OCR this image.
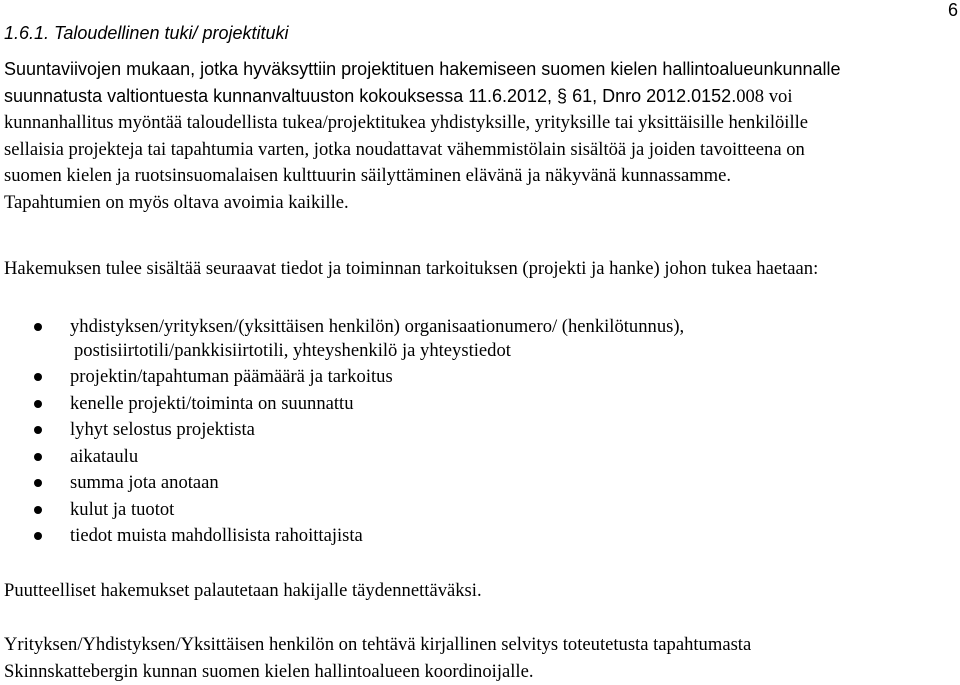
6
1.6.1. Taloudellinen tuki/ projektituki
Suuntaviivojen mukaan, jotka hyväksyttiin projektituen hakemiseen suomen kielen hallintoalueunkunnalle
suunnatusta valtiontuesta kunnanvaltuuston kokouksessa 11.6.2012, § 61, Dnro 2012.0152.008 voi
kunnanhallitus myöntää taloudellista tukea/projektitukea yhdistyksille, yrityksille tai yksittäisille henkilöille
sellaisia projekteja tai tapahtumia varten, jotka noudattavat vähemmistölain sisältöä ja joiden tavoitteena on
suomen kielen ja ruotsinsuomalaisen kulttuurin säilyttäminen elävänä ja näkyvänä kunnassamme.
Tapahtumien on myös oltava avoimia kaikille.
Hakemuksen tulee sisältää seuraavat tiedot ja toiminnan tarkoituksen (projekti ja hanke) johon tukea haetaan:
yhdistyksen/yrityksen/(yksittäisen henkilön) organisaationumero/ (henkilötunnus),
postisiirtotili/pankkisiirtotili, yhteyshenkilö ja yhteystiedot
projektin/tapahtuman päämäärä ja tarkoitus
kenelle projekti/toiminta on suunnattu
lyhyt selostus projektista
aikataulu
summa jota anotaan
kulut ja tuotot
tiedot muista mahdollisista rahoittajista
Puutteelliset hakemukset palautetaan hakijalle täydennettäväksi.
Yrityksen/Yhdistyksen/Yksittäisen henkilön on tehtävä kirjallinen selvitys toteutetusta tapahtumasta
Skinnskattebergin kunnan suomen kielen hallintoalueen koordinoijalle.
